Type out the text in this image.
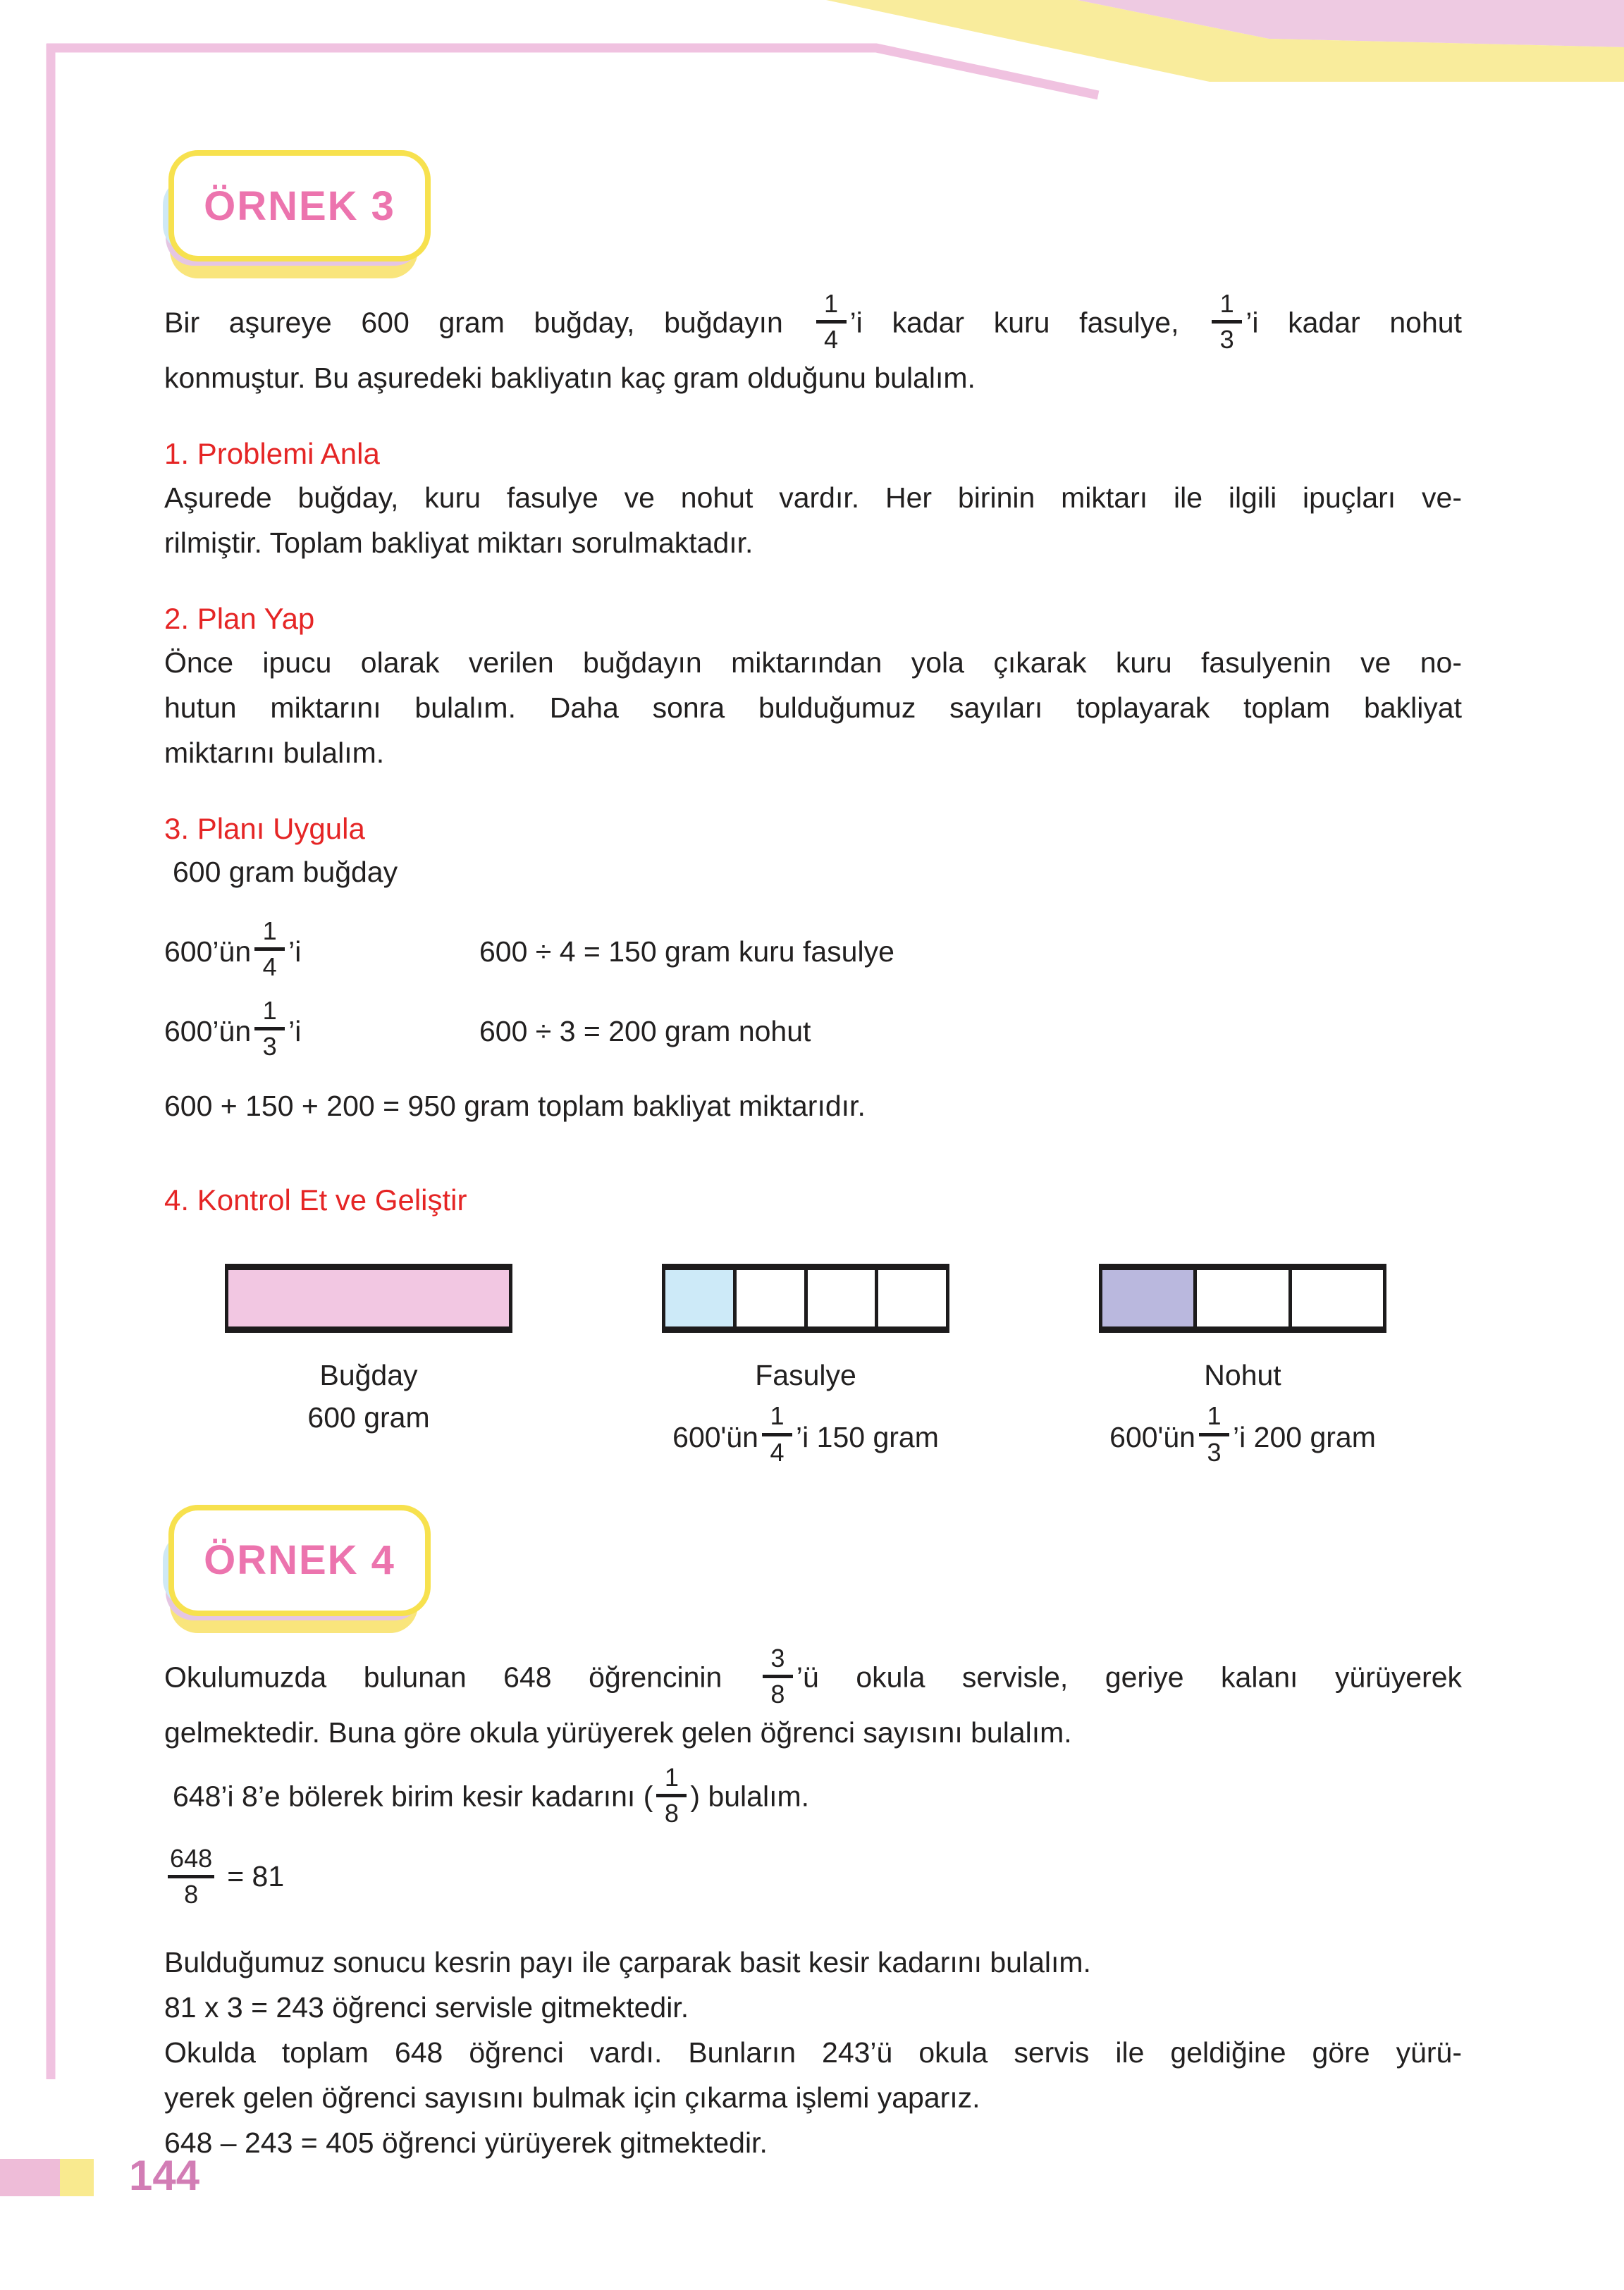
ÖRNEK 3
Bir aşureye 600 gram buğday, buğdayın
1
4
’i kadar kuru fasulye,
1
3
’i kadar nohut
konmuştur. Bu aşuredeki bakliyatın kaç gram olduğunu bulalım.
1. Problemi Anla
Aşurede buğday, kuru fasulye ve nohut vardır. Her birinin miktarı ile ilgili ipuçları ve-
rilmiştir. Toplam bakliyat miktarı sorulmaktadır.
2. Plan Yap
Önce ipucu olarak verilen buğdayın miktarından yola çıkarak kuru fasulyenin ve no-
hutun miktarını bulalım. Daha sonra bulduğumuz sayıları toplayarak toplam bakliyat
miktarını bulalım.
3. Planı Uygula
600 gram buğday
600’ün
1
4 ’i	600 ÷ 4 = 150 gram kuru fasulye
600’ün
1
3 ’i	600 ÷ 3 = 200 gram nohut
600 + 150 + 200 = 950 gram toplam bakliyat miktarıdır.
4. Kontrol Et ve Geliştir
Buğday
600 gram
Fasulye
600'ün
1
4 ’i 150 gram
Nohut
600'ün
1
3 ’i 200 gram
ÖRNEK 4
Okulumuzda bulunan 648 öğrencinin
3
8
’ü okula servisle, geriye kalanı yürüyerek
gelmektedir. Buna göre okula yürüyerek gelen öğrenci sayısını bulalım.
648’i 8’e bölerek birim kesir kadarını (
1
8
) bulalım.
648
8
= 81
Bulduğumuz sonucu kesrin payı ile çarparak basit kesir kadarını bulalım.
81 x 3 = 243 öğrenci servisle gitmektedir.
Okulda toplam 648 öğrenci vardı. Bunların 243’ü okula servis ile geldiğine göre yürü-
yerek gelen öğrenci sayısını bulmak için çıkarma işlemi yaparız.
648 – 243 = 405 öğrenci yürüyerek gitmektedir.
144
